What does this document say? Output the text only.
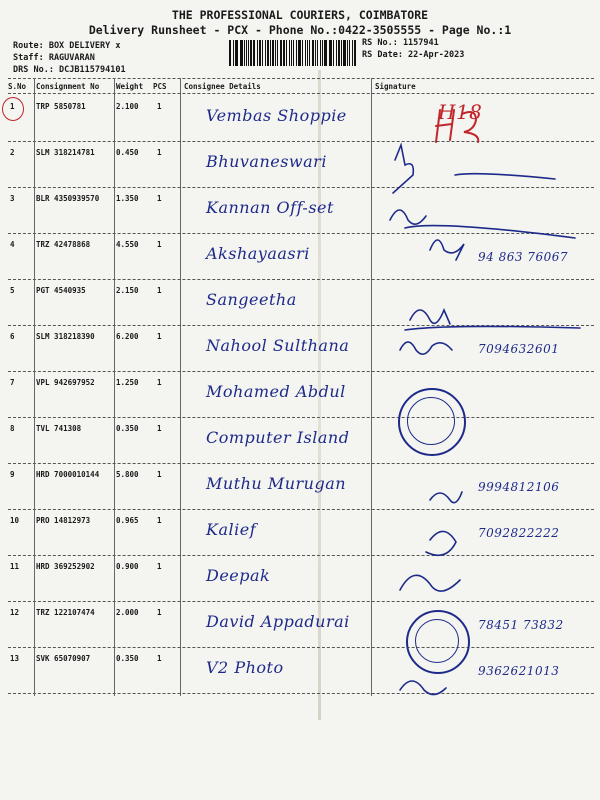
THE PROFESSIONAL COURIERS, COIMBATORE
Delivery Runsheet - PCX - Phone No.:0422-3505555 - Page No.:1
Route: BOX DELIVERY x
Staff: RAGUVARAN
DRS No.: DCJB115794101
RS No.: 1157941
RS Date: 22-Apr-2023
S.No Consignment No Weight PCS Consignee Details	Signature
1	TRP 5850781	2.100 1	Vembas Shoppie	H18
2	SLM 318214781	0.450 1	Bhuvaneswari
3	BLR 4350939570 1.350 1	Kannan Off-set
4	TRZ 42478868	4.550 1	Akshayaasri	94 863 76067
5	PGT 4540935	2.150 1	Sangeetha
6	SLM 318218390	6.200 1	Nahool Sulthana	7094632601
7	VPL 942697952	1.250 1	Mohamed Abdul
8	TVL 741308	0.350 1	Computer Island
9	HRD 7000010144 5.800 1	Muthu Murugan	9994812106
10 PRO 14812973	0.965 1	Kalief	7092822222
11 HRD 369252902	0.900 1	Deepak
12 TRZ 122107474	2.000 1	David Appadurai	78451 73832
13 SVK 65070907	0.350 1	V2 Photo	9362621013
